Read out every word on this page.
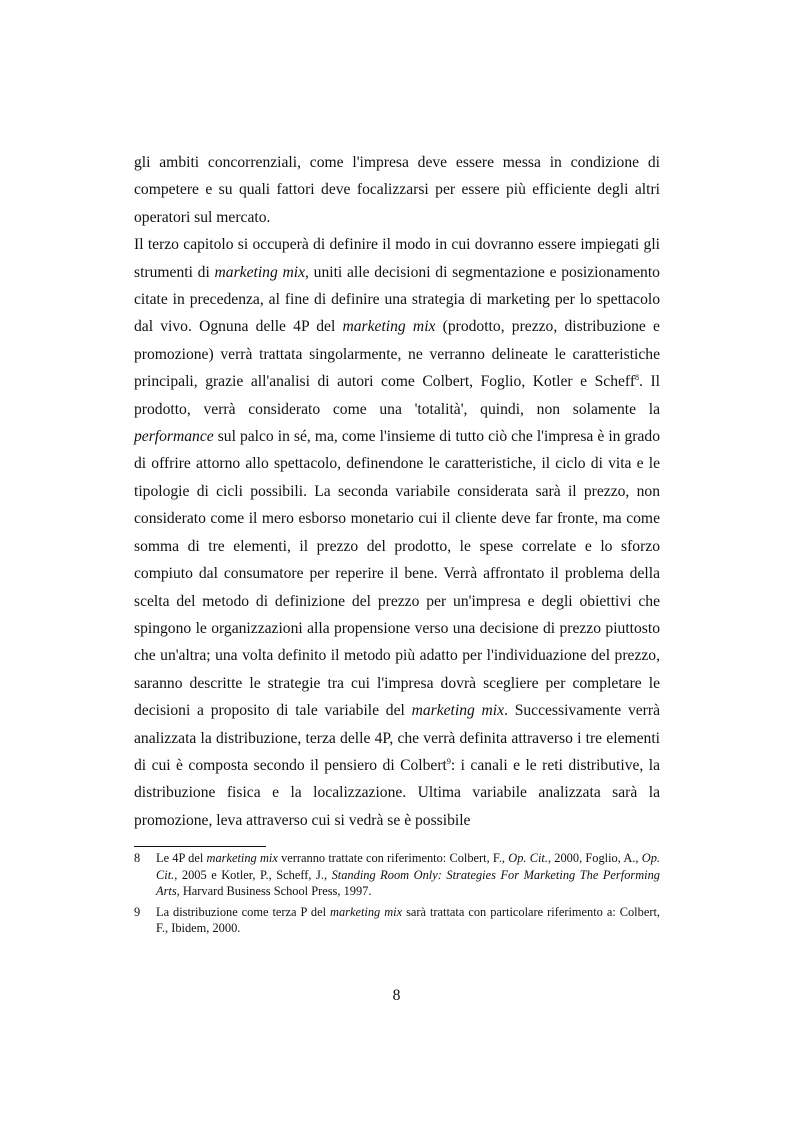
gli ambiti concorrenziali, come l'impresa deve essere messa in condizione di competere e su quali fattori deve focalizzarsi per essere più efficiente degli altri operatori sul mercato.

Il terzo capitolo si occuperà di definire il modo in cui dovranno essere impiegati gli strumenti di marketing mix, uniti alle decisioni di segmentazione e posizionamento citate in precedenza, al fine di definire una strategia di marketing per lo spettacolo dal vivo. Ognuna delle 4P del marketing mix (prodotto, prezzo, distribuzione e promozione) verrà trattata singolarmente, ne verranno delineate le caratteristiche principali, grazie all'analisi di autori come Colbert, Foglio, Kotler e Scheff$^8$. Il prodotto, verrà considerato come una 'totalità', quindi, non solamente la performance sul palco in sé, ma, come l'insieme di tutto ciò che l'impresa è in grado di offrire attorno allo spettacolo, definendone le caratteristiche, il ciclo di vita e le tipologie di cicli possibili. La seconda variabile considerata sarà il prezzo, non considerato come il mero esborso monetario cui il cliente deve far fronte, ma come somma di tre elementi, il prezzo del prodotto, le spese correlate e lo sforzo compiuto dal consumatore per reperire il bene. Verrà affrontato il problema della scelta del metodo di definizione del prezzo per un'impresa e degli obiettivi che spingono le organizzazioni alla propensione verso una decisione di prezzo piuttosto che un'altra; una volta definito il metodo più adatto per l'individuazione del prezzo, saranno descritte le strategie tra cui l'impresa dovrà scegliere per completare le decisioni a proposito di tale variabile del marketing mix. Successivamente verrà analizzata la distribuzione, terza delle 4P, che verrà definita attraverso i tre elementi di cui è composta secondo il pensiero di Colbert$^9$: i canali e le reti distributive, la distribuzione fisica e la localizzazione. Ultima variabile analizzata sarà la promozione, leva attraverso cui si vedrà se è possibile

8	Le 4P del marketing mix verranno trattate con riferimento: Colbert, F., Op. Cit., 2000, Foglio, A., Op. Cit., 2005 e Kotler, P., Scheff, J., Standing Room Only: Strategies For Marketing The Performing Arts, Harvard Business School Press, 1997.
9	La distribuzione come terza P del marketing mix sarà trattata con particolare riferimento a: Colbert, F., Ibidem, 2000.
8
